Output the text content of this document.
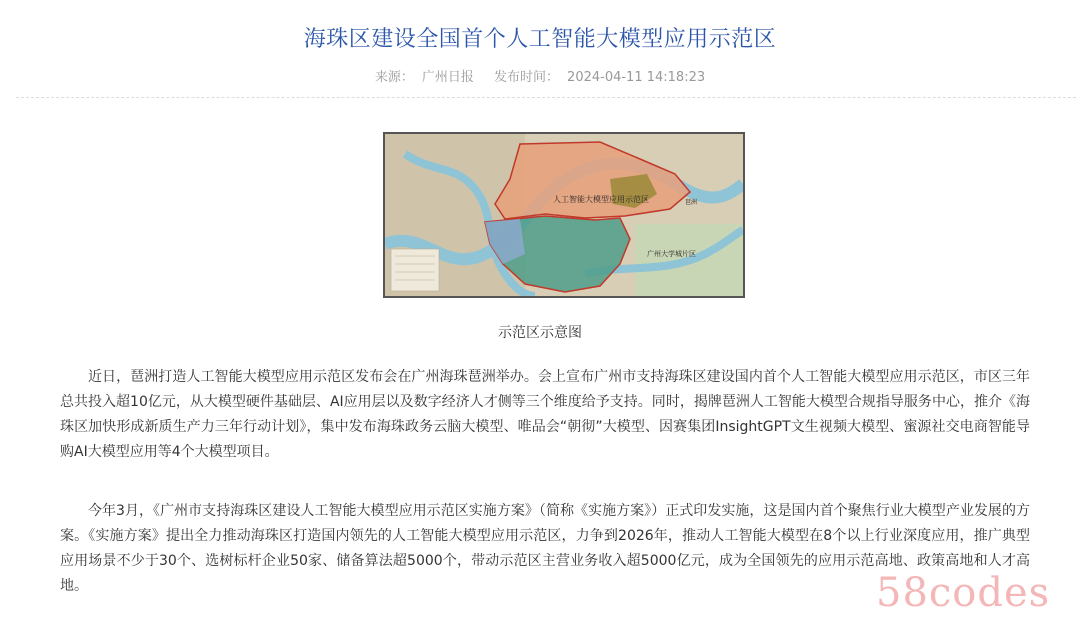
海珠区建设全国首个人工智能大模型应用示范区
来源： 广州日报 发布时间： 2024-04-11 14:18:23
人工智能大模型应用示范区
广州大学城片区
琶洲
示范区示意图

近日，琶洲打造人工智能大模型应用示范区发布会在广州海珠琶洲举办。会上宣布广州市支持海珠区建设国内首个人工智能大模型应用示范区，市区三年总共投入超10亿元，从大模型硬件基础层、AI应用层以及数字经济人才侧等三个维度给予支持。同时，揭牌琶洲人工智能大模型合规指导服务中心，推介《海珠区加快形成新质生产力三年行动计划》，集中发布海珠政务云脑大模型、唯品会“朝彻”大模型、因赛集团InsightGPT文生视频大模型、蜜源社交电商智能导购AI大模型应用等4个大模型项目。

今年3月，《广州市支持海珠区建设人工智能大模型应用示范区实施方案》（简称《实施方案》）正式印发实施，这是国内首个聚焦行业大模型产业发展的方案。《实施方案》提出全力推动海珠区打造国内领先的人工智能大模型应用示范区，力争到2026年，推动人工智能大模型在8个以上行业深度应用，推广典型应用场景不少于30个、选树标杆企业50家、储备算法超5000个，带动示范区主营业务收入超5000亿元，成为全国领先的应用示范高地、政策高地和人才高地。	58codes
